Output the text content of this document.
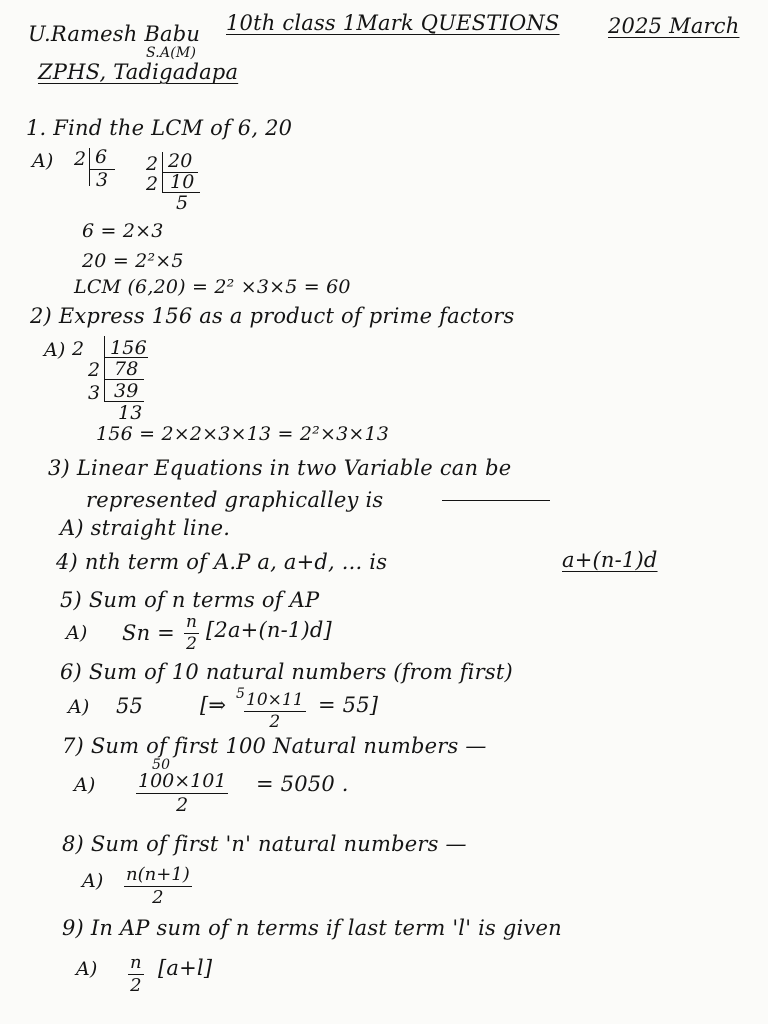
U.Ramesh Babu
S.A(M)
ZPHS, Tadigadapa
10th class 1Mark QUESTIONS 2025 March
1. Find the LCM of 6, 20
A) 2 6
3
2 20
2 10
5
6 = 2×3
20 = 2²×5
LCM (6,20) = 2² ×3×5 = 60
2) Express 156 as a product of prime factors
A) 2 156
2 78
3 39
13
156 = 2×2×3×13 = 2²×3×13
3) Linear Equations in two Variable can be
represented graphicalley is
A) straight line.
4) nth term of A.P a, a+d, ... is	a+(n-1)d
5) Sum of n terms of AP
A) $Sn = \frac{n}{2} [2a+(n-1)d]$
6) Sum of 10 natural numbers (from first)
A) 55	[⇒ 5
$\frac{10\times 11}{2} = 55$]
7) Sum of first 100 Natural numbers —
A)
50
$\frac{100\times 101}{2} = 5050$ .
8) Sum of first 'n' natural numbers —
$A) \frac{n(n+1)}{2}$
9) In AP sum of n terms if last term 'l' is given
$A) \frac{n}{2} [a+l]$
